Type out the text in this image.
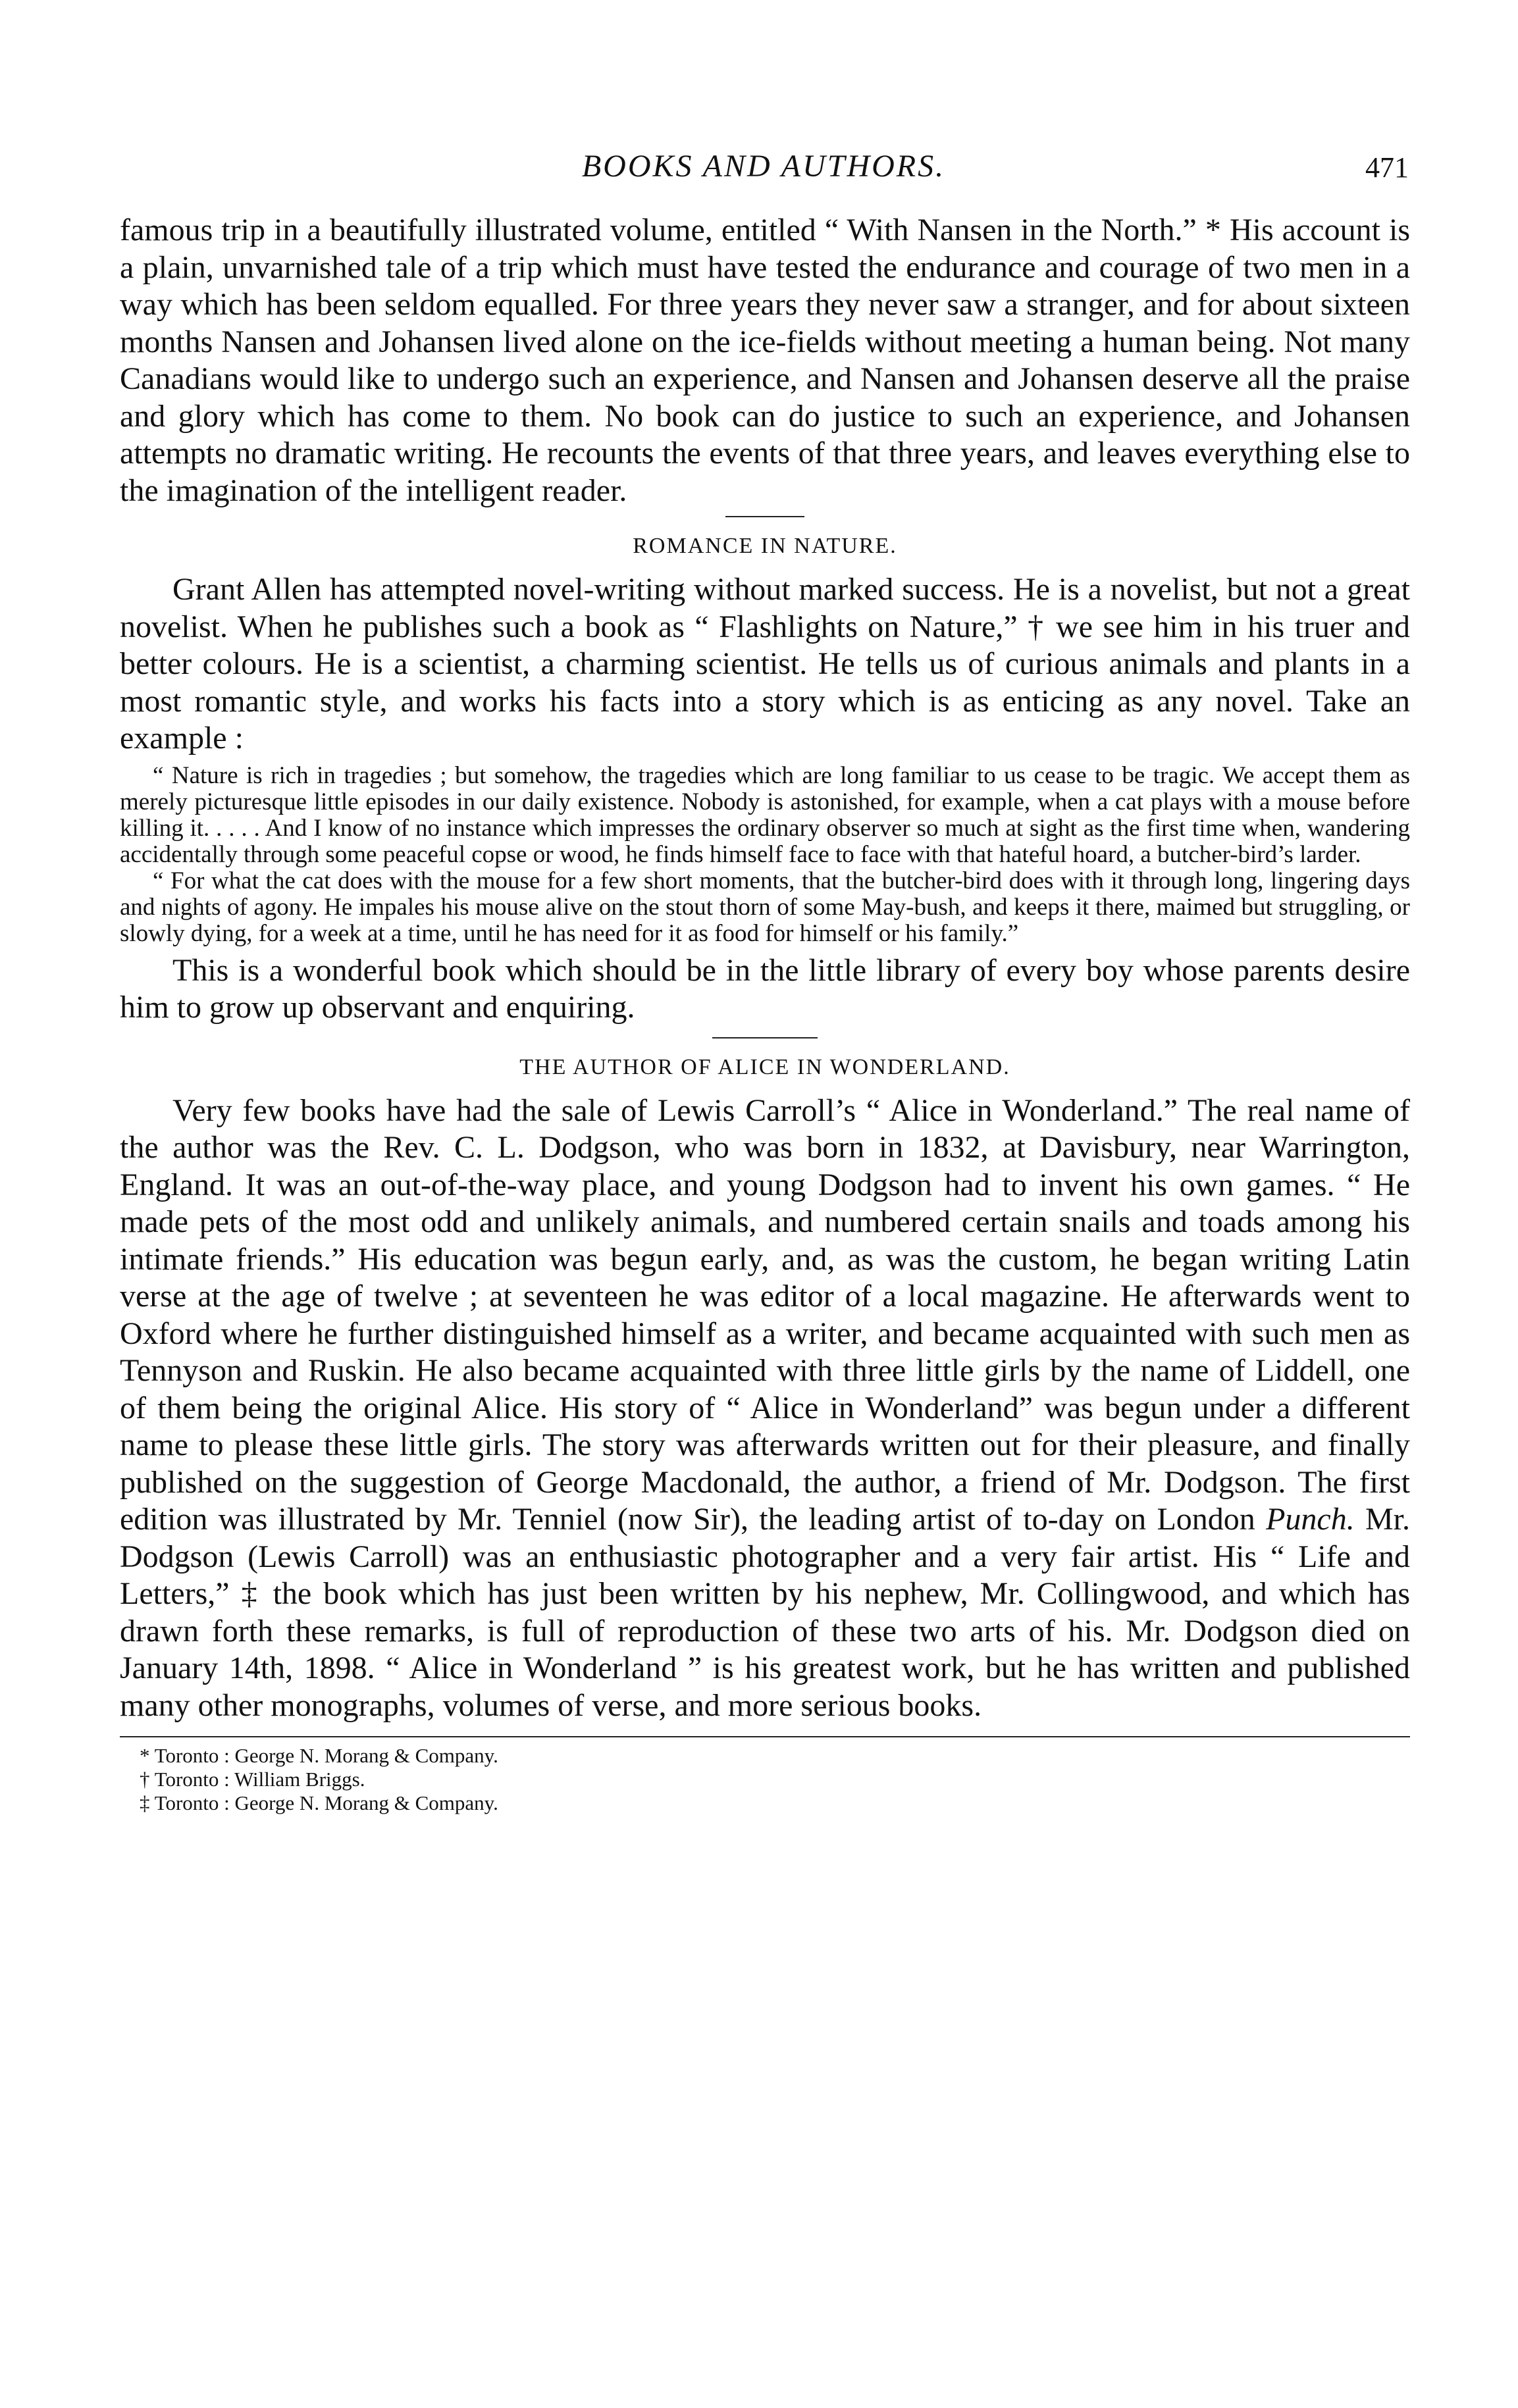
BOOKS AND AUTHORS.	471

famous trip in a beautifully illustrated volume, entitled “ With Nansen in the North.” * His account is a plain, unvarnished tale of a trip which must have tested the endurance and courage of two men in a way which has been seldom equalled. For three years they never saw a stranger, and for about sixteen months Nansen and Johansen lived alone on the ice-fields without meeting a human being. Not many Canadians would like to undergo such an experience, and Nansen and Johansen deserve all the praise and glory which has come to them. No book can do justice to such an experience, and Johansen attempts no dramatic writing. He recounts the events of that three years, and leaves everything else to the imagination of the intelligent reader.

ROMANCE IN NATURE.

Grant Allen has attempted novel-writing without marked success. He is a novelist, but not a great novelist. When he publishes such a book as “ Flashlights on Nature,” † we see him in his truer and better colours. He is a scientist, a charming scientist. He tells us of curious animals and plants in a most romantic style, and works his facts into a story which is as enticing as any novel. Take an example :

“ Nature is rich in tragedies ; but somehow, the tragedies which are long familiar to us cease to be tragic. We accept them as merely picturesque little episodes in our daily existence. Nobody is astonished, for example, when a cat plays with a mouse before killing it. . . . . And I know of no instance which impresses the ordinary observer so much at sight as the first time when, wandering accidentally through some peaceful copse or wood, he finds himself face to face with that hateful hoard, a butcher-bird’s larder.

“ For what the cat does with the mouse for a few short moments, that the butcher-bird does with it through long, lingering days and nights of agony. He impales his mouse alive on the stout thorn of some May-bush, and keeps it there, maimed but struggling, or slowly dying, for a week at a time, until he has need for it as food for himself or his family.”

This is a wonderful book which should be in the little library of every boy whose parents desire him to grow up observant and enquiring.

THE AUTHOR OF ALICE IN WONDERLAND.

Very few books have had the sale of Lewis Carroll’s “ Alice in Wonderland.” The real name of the author was the Rev. C. L. Dodgson, who was born in 1832, at Davisbury, near Warrington, England. It was an out-of-the-way place, and young Dodgson had to invent his own games. “ He made pets of the most odd and unlikely animals, and numbered certain snails and toads among his intimate friends.” His education was begun early, and, as was the custom, he began writing Latin verse at the age of twelve ; at seventeen he was editor of a local magazine. He afterwards went to Oxford where he further distinguished himself as a writer, and became acquainted with such men as Tennyson and Ruskin. He also became acquainted with three little girls by the name of Liddell, one of them being the original Alice. His story of “ Alice in Wonderland” was begun under a different name to please these little girls. The story was afterwards written out for their pleasure, and finally published on the suggestion of George Macdonald, the author, a friend of Mr. Dodgson. The first edition was illustrated by Mr. Tenniel (now Sir), the leading artist of to-day on London Punch. Mr. Dodgson (Lewis Carroll) was an enthusiastic photographer and a very fair artist. His “ Life and Letters,” ‡ the book which has just been written by his nephew, Mr. Collingwood, and which has drawn forth these remarks, is full of reproduction of these two arts of his. Mr. Dodgson died on January 14th, 1898. “ Alice in Wonderland ” is his greatest work, but he has written and published many other monographs, volumes of verse, and more serious books.

* Toronto : George N. Morang & Company.

† Toronto : William Briggs.

‡ Toronto : George N. Morang & Company.
